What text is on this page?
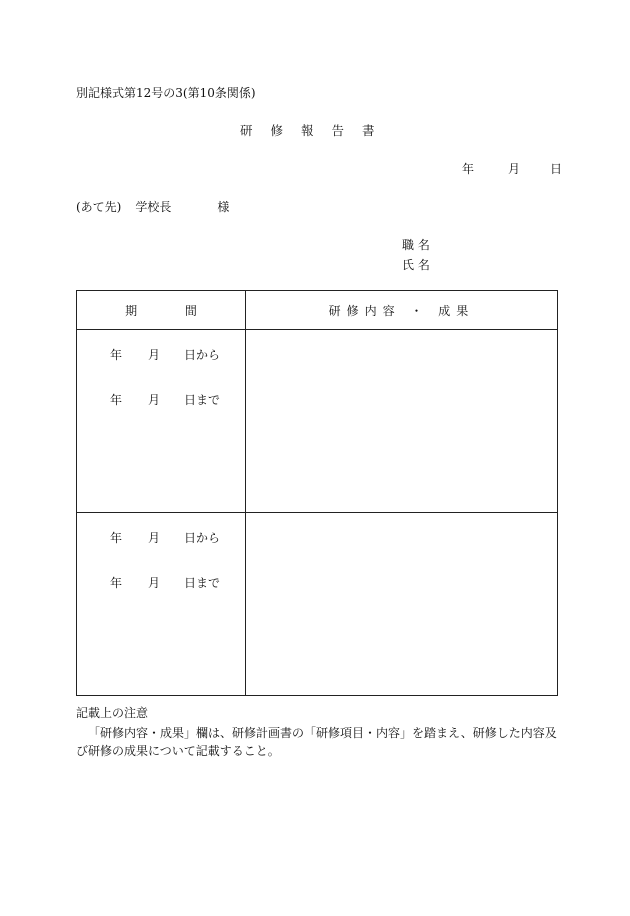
別記様式第12号の3(第10条関係)
研修報告書
年	月	日
(あて先) 学校長	様
職 名
氏 名
期 間	研修内容 ・ 成果

年 月 日から
年 月 日まで	

年 月 日から
年 月 日まで	

記載上の注意
「研修内容・成果」欄は、研修計画書の「研修項目・内容」を踏まえ、研修した内容及び研修の成果について記載すること。
